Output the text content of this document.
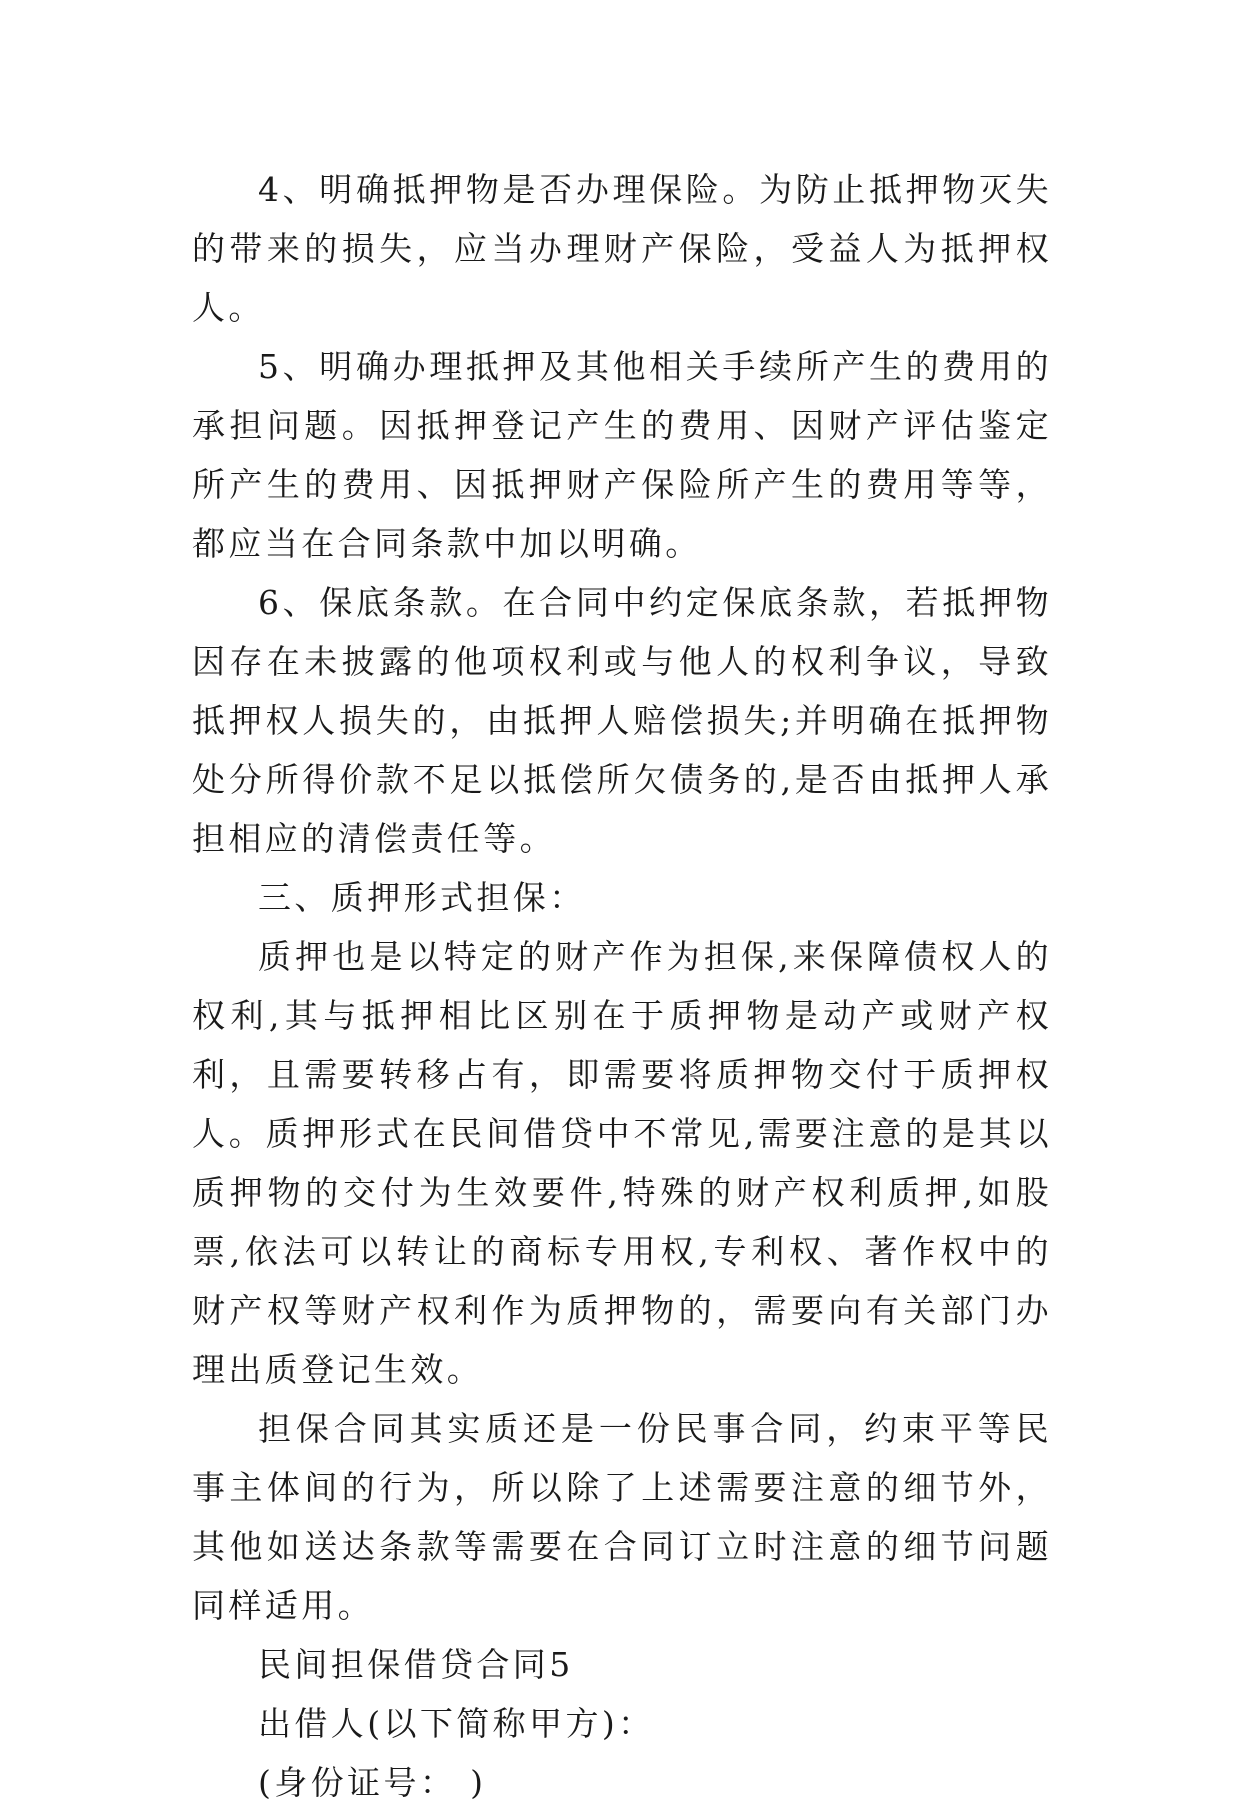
4、明确抵押物是否办理保险。为防止抵押物灭失的带来的损失，应当办理财产保险，受益人为抵押权人。

5、明确办理抵押及其他相关手续所产生的费用的承担问题。因抵押登记产生的费用、因财产评估鉴定所产生的费用、因抵押财产保险所产生的费用等等，都应当在合同条款中加以明确。

6、保底条款。在合同中约定保底条款，若抵押物因存在未披露的他项权利或与他人的权利争议，导致抵押权人损失的，由抵押人赔偿损失;并明确在抵押物处分所得价款不足以抵偿所欠债务的,是否由抵押人承担相应的清偿责任等。

三、质押形式担保：

质押也是以特定的财产作为担保,来保障债权人的权利,其与抵押相比区别在于质押物是动产或财产权利，且需要转移占有，即需要将质押物交付于质押权人。质押形式在民间借贷中不常见,需要注意的是其以质押物的交付为生效要件,特殊的财产权利质押,如股票,依法可以转让的商标专用权,专利权、著作权中的财产权等财产权利作为质押物的，需要向有关部门办理出质登记生效。

担保合同其实质还是一份民事合同，约束平等民事主体间的行为，所以除了上述需要注意的细节外，其他如送达条款等需要在合同订立时注意的细节问题同样适用。

民间担保借贷合同5

出借人(以下简称甲方)：

(身份证号： )
